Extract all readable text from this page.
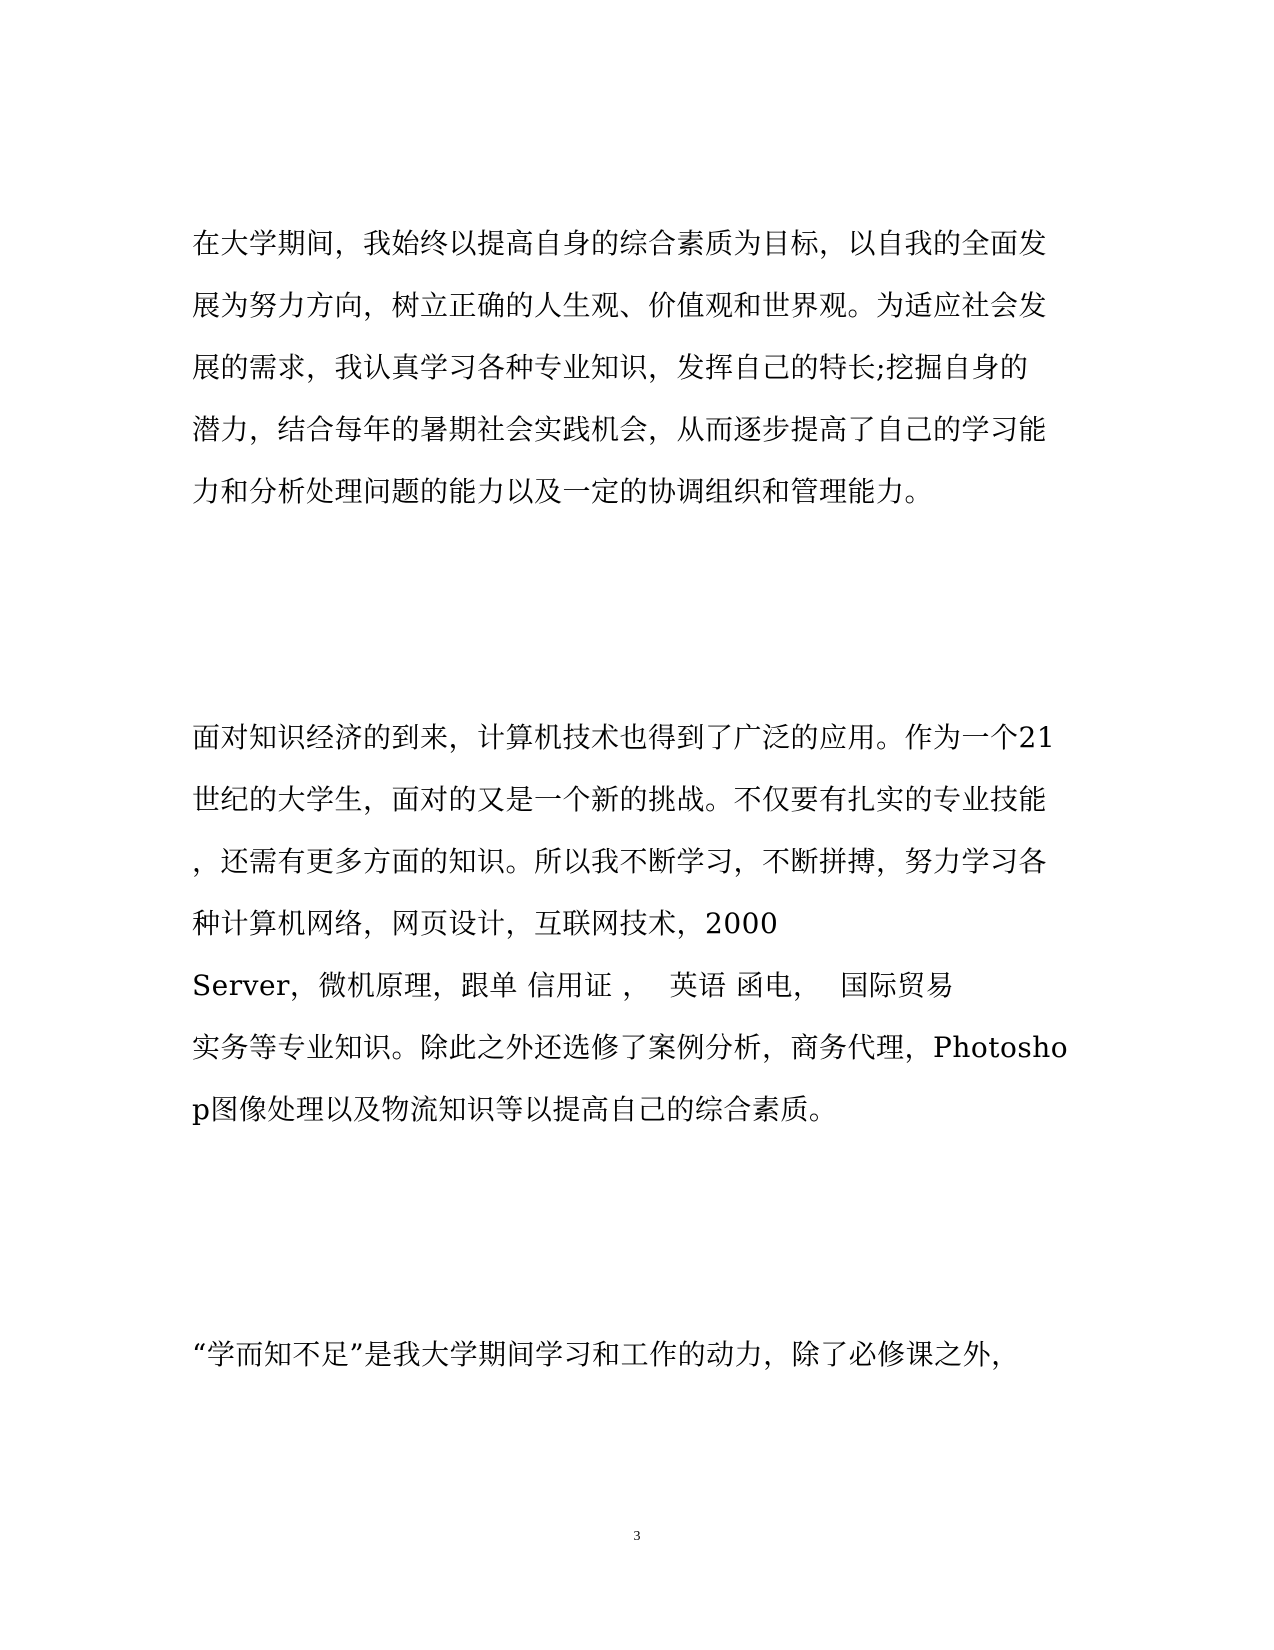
在大学期间，我始终以提高自身的综合素质为目标，以自我的全面发

展为努力方向，树立正确的人生观、价值观和世界观。为适应社会发

展的需求，我认真学习各种专业知识，发挥自己的特长;挖掘自身的

潜力，结合每年的暑期社会实践机会，从而逐步提高了自己的学习能

力和分析处理问题的能力以及一定的协调组织和管理能力。

面对知识经济的到来，计算机技术也得到了广泛的应用。作为一个21

世纪的大学生，面对的又是一个新的挑战。不仅要有扎实的专业技能

，还需有更多方面的知识。所以我不断学习，不断拼搏，努力学习各

种计算机网络，网页设计，互联网技术，2000

Server，微机原理，跟单 信用证 ，  英语 函电，  国际贸易

实务等专业知识。除此之外还选修了案例分析，商务代理，Photosho

p图像处理以及物流知识等以提高自己的综合素质。

“学而知不足”是我大学期间学习和工作的动力，除了必修课之外，

3
